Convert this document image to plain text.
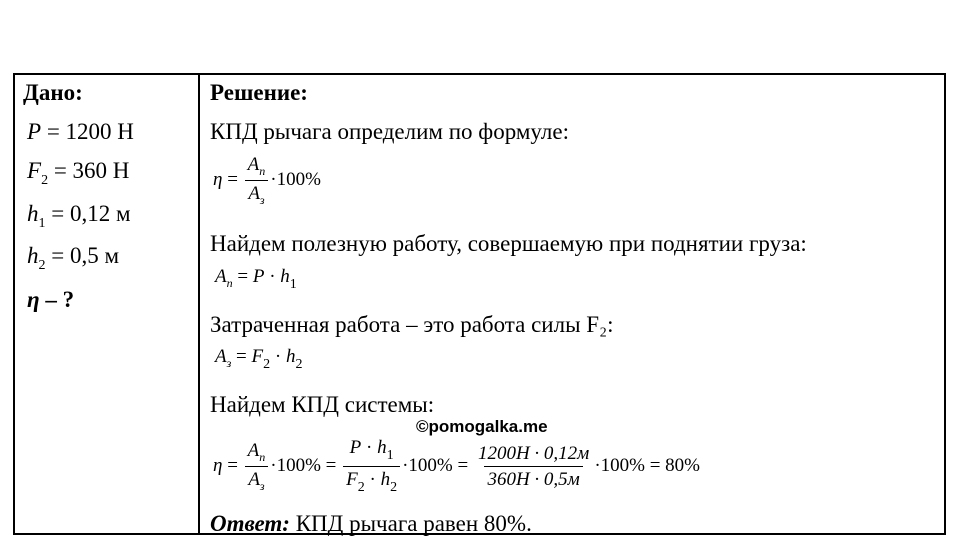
Дано:
P = 1200 Н
$F_2 = 360$ Н
$h_1 = 0,12$ м
$h_2 = 0,5$ м
η – ?
Решение:
КПД рычага определим по формуле:
$\eta = \frac{A_п}{A_з} \cdot 100\%$
Найдем полезную работу, совершаемую при поднятии груза:
$A_п = P \cdot h_1$
Затраченная работа – это работа силы F₂:
$A_з = F_2 \cdot h_2$
Найдем КПД системы:
$\eta = \frac{A_п}{A_з} \cdot 100\% = \frac{P \cdot h_1}{F_2 \cdot h_2} \cdot 100\% = \frac{1200H \cdot 0,12м}{360H \cdot 0,5м} \cdot 100\% = 80\%$
Ответ: КПД рычага равен 80%.
©pomogalka.me
